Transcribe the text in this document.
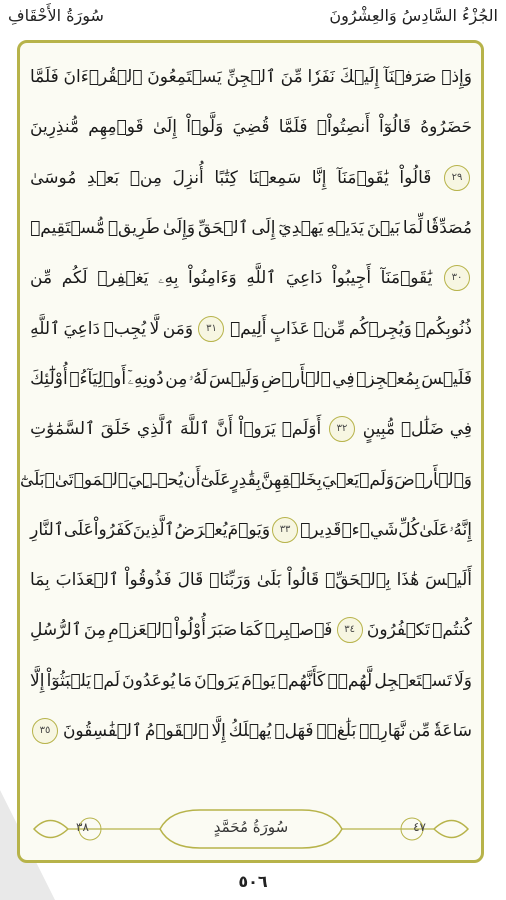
الجُزْءُ السَّادِسُ وَالعِشْرُونَ
سُورَةُ الأَحْقَافِ
وَإِذۡ
صَرَفۡنَآ
إِلَيۡكَ
نَفَرٗا
مِّنَ
ٱلۡجِنِّ
يَسۡتَمِعُونَ
ٱلۡقُرۡءَانَ
فَلَمَّا
حَضَرُوهُ
قَالُوٓاْ
أَنصِتُواْۖ
فَلَمَّا
قُضِيَ
وَلَّوۡاْ
إِلَىٰ
قَوۡمِهِم
مُّنذِرِينَ
٢٩
قَالُواْ
يَٰقَوۡمَنَآ
إِنَّا
سَمِعۡنَا
كِتَٰبًا
أُنزِلَ
مِنۢ
بَعۡدِ
مُوسَىٰ
مُصَدِّقٗا
لِّمَا
بَيۡنَ
يَدَيۡهِ
يَهۡدِيٓ
إِلَى
ٱلۡحَقِّ
وَإِلَىٰ
طَرِيقٖ
مُّسۡتَقِيمٖ
٣٠
يَٰقَوۡمَنَآ
أَجِيبُواْ
دَاعِيَ
ٱللَّهِ
وَءَامِنُواْ
بِهِۦ
يَغۡفِرۡ
لَكُم
مِّن
ذُنُوبِكُمۡ
وَيُجِرۡكُم
مِّنۡ
عَذَابٍ
أَلِيمٖ
٣١
وَمَن
لَّا
يُجِبۡ
دَاعِيَ
ٱللَّهِ
فَلَيۡسَ
بِمُعۡجِزٖ
فِي
ٱلۡأَرۡضِ
وَلَيۡسَ
لَهُۥ
مِن
دُونِهِۦٓ
أَوۡلِيَآءُۚ
أُوْلَٰٓئِكَ
فِي
ضَلَٰلٖ
مُّبِينٍ
٣٢
أَوَلَمۡ
يَرَوۡاْ
أَنَّ
ٱللَّهَ
ٱلَّذِي
خَلَقَ
ٱلسَّمَٰوَٰتِ
وَٱلۡأَرۡضَ
وَلَمۡ
يَعۡيَ
بِخَلۡقِهِنَّ
بِقَٰدِرٍ
عَلَىٰٓ
أَن
يُحۡـِۧيَ
ٱلۡمَوۡتَىٰۚ
بَلَىٰٓ
إِنَّهُۥ
عَلَىٰ
كُلِّ
شَيۡءٖ
قَدِيرٞ
٣٣
وَيَوۡمَ
يُعۡرَضُ
ٱلَّذِينَ
كَفَرُواْ
عَلَى
ٱلنَّارِ
أَلَيۡسَ
هَٰذَا
بِٱلۡحَقِّۖ
قَالُواْ
بَلَىٰ
وَرَبِّنَاۚ
قَالَ
فَذُوقُواْ
ٱلۡعَذَابَ
بِمَا
كُنتُمۡ
تَكۡفُرُونَ
٣٤
فَٱصۡبِرۡ
كَمَا
صَبَرَ
أُوْلُواْ
ٱلۡعَزۡمِ
مِنَ
ٱلرُّسُلِ
وَلَا
تَسۡتَعۡجِل
لَّهُمۡۚ
كَأَنَّهُمۡ
يَوۡمَ
يَرَوۡنَ
مَا
يُوعَدُونَ
لَمۡ
يَلۡبَثُوٓاْ
إِلَّا
سَاعَةٗ
مِّن
نَّهَارِۭۚ
بَلَٰغٞۚ
فَهَلۡ
يُهۡلَكُ
إِلَّا
ٱلۡقَوۡمُ
ٱلۡفَٰسِقُونَ
٣٥
٣٨	سُورَةُ مُحَمَّدٍ	٤٧
٥٠٦
